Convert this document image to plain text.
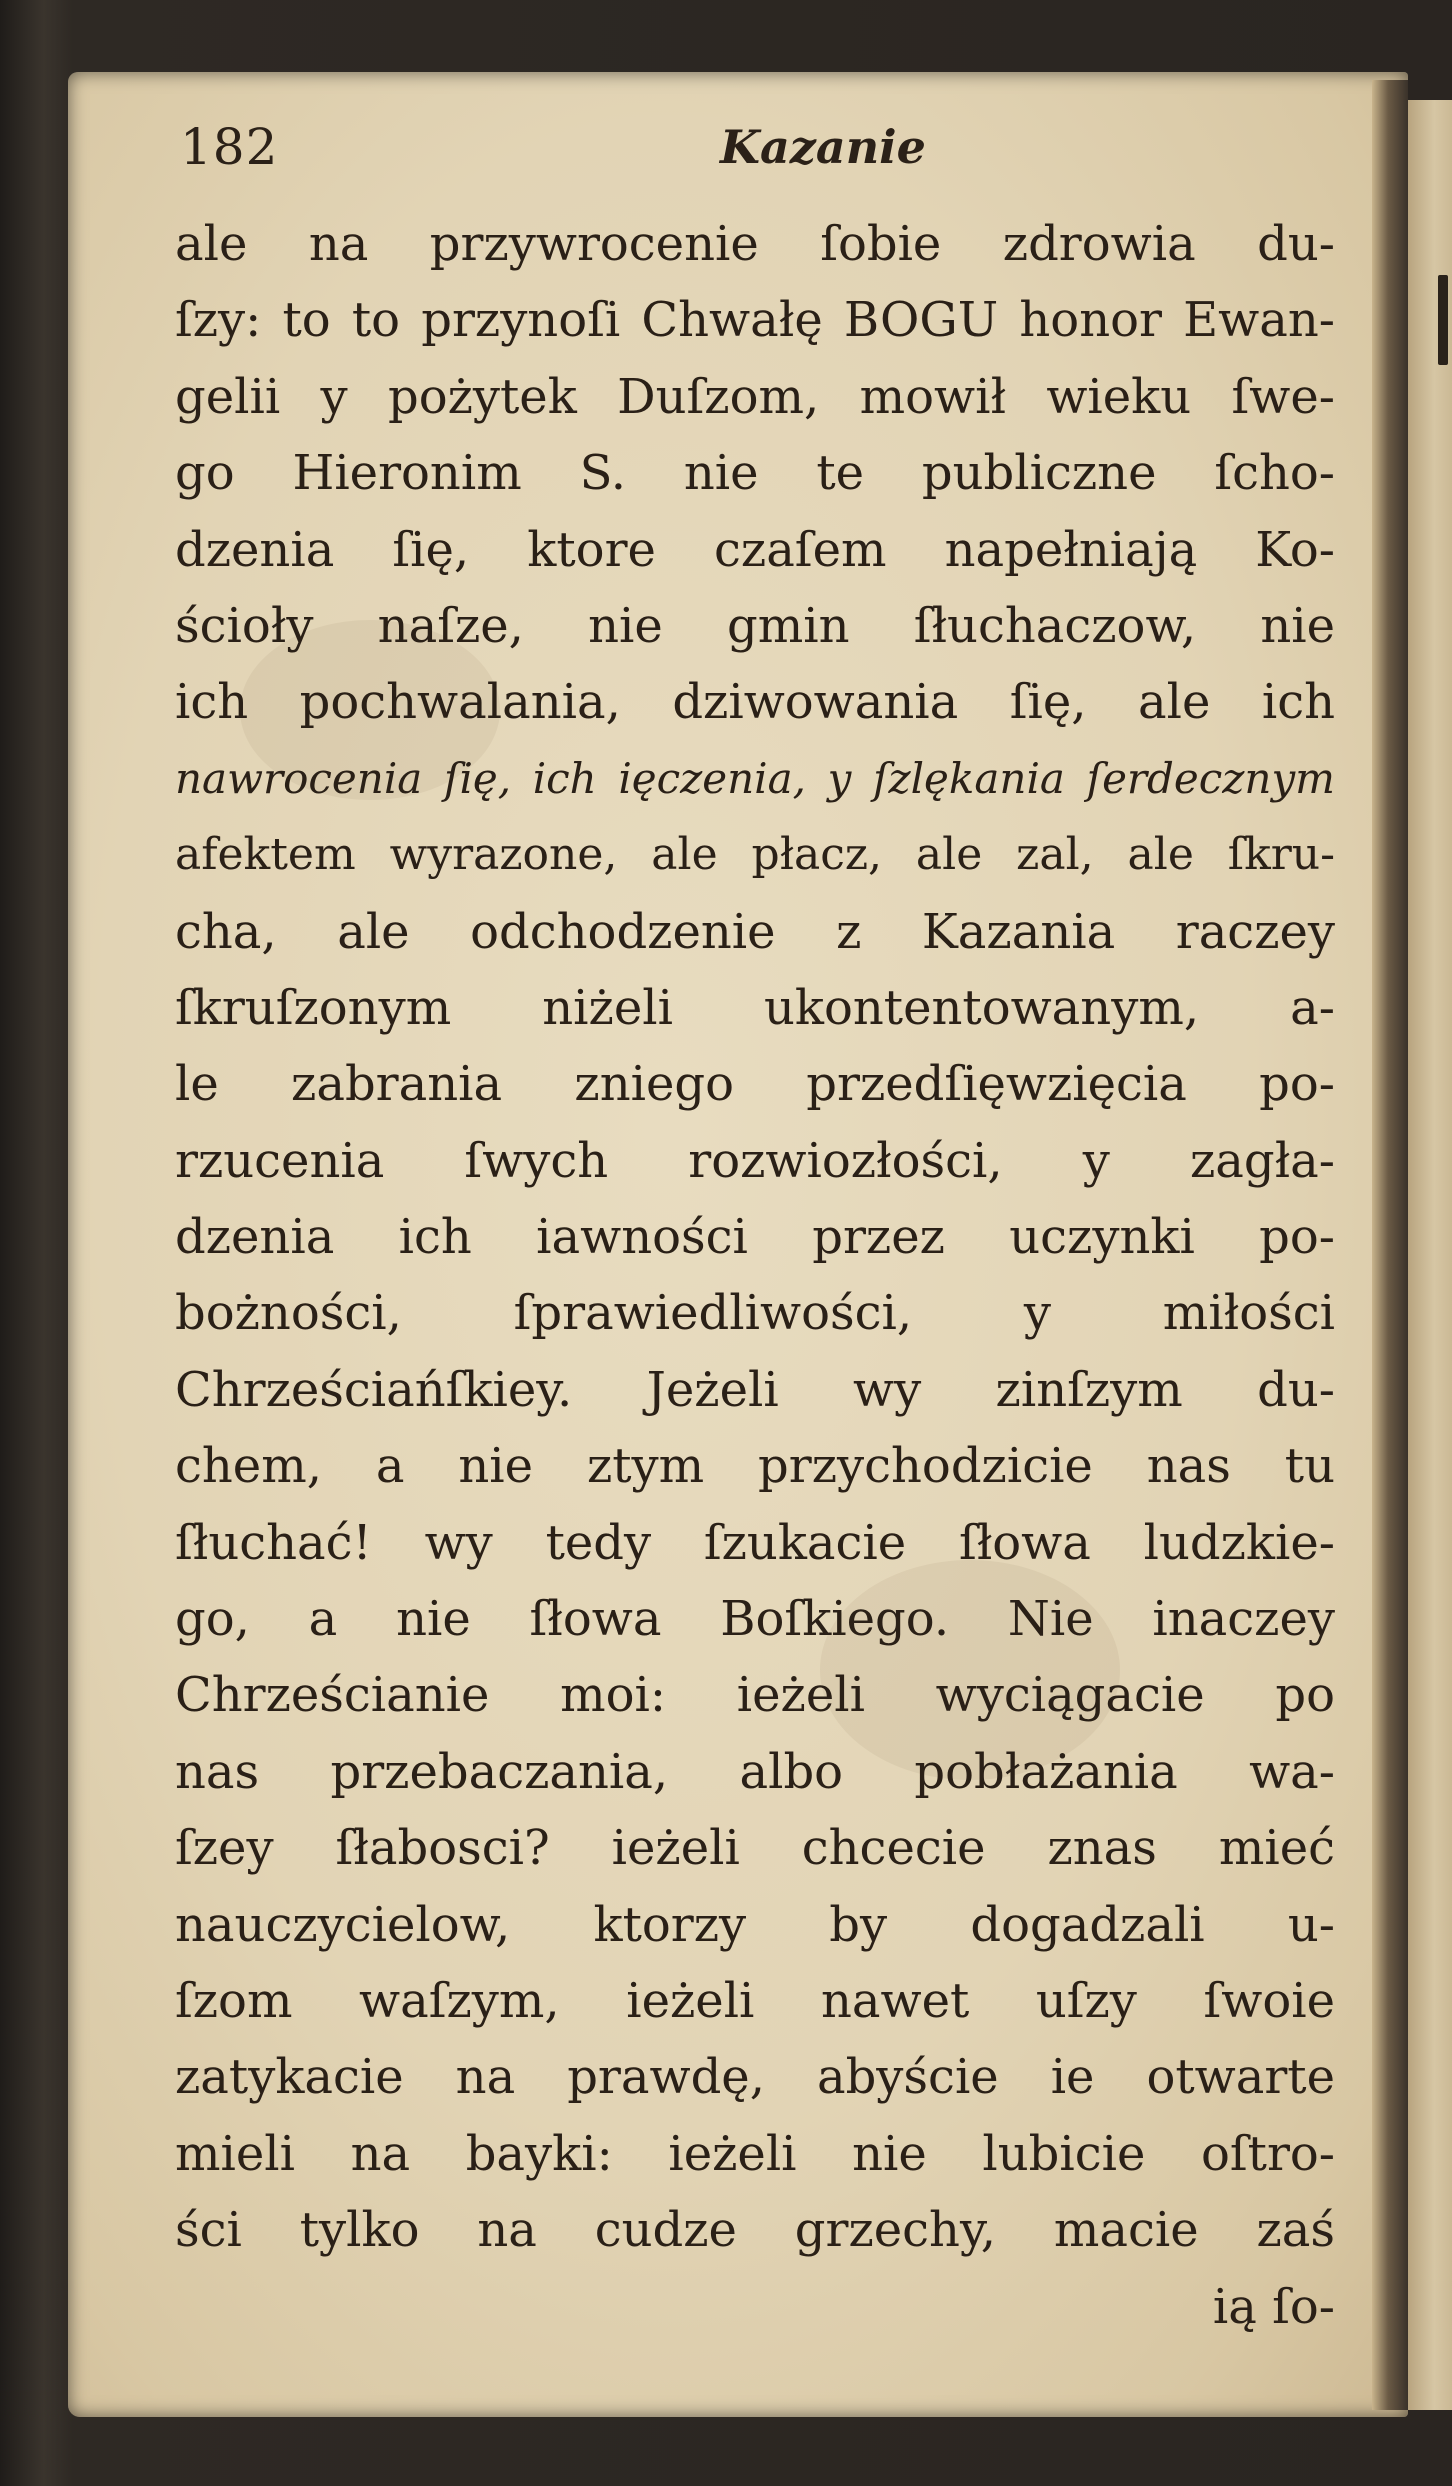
182	Kazanie
ale na przywrocenie ſobie zdrowia du-
ſzy: to to przynoſi Chwałę BOGU honor Ewan-
gelii y pożytek Duſzom, mowił wieku ſwe-
go Hieronim S. nie te publiczne ſcho-
dzenia ſię, ktore czaſem napełniają Ko-
ścioły naſze, nie gmin ſłuchaczow, nie
ich pochwalania, dziwowania ſię, ale ich
nawrocenia ſię, ich ięczenia, y ſzlękania ſerdecznym
afektem wyrazone, ale płacz, ale zal, ale ſkru-
cha, ale odchodzenie z Kazania raczey
ſkruſzonym niżeli ukontentowanym, a-
le zabrania zniego przedſięwzięcia po-
rzucenia ſwych rozwiozłości, y zagła-
dzenia ich iawności przez uczynki po-
bożności, ſprawiedliwości, y miłości
Chrześciańſkiey. Jeżeli wy zinſzym du-
chem, a nie ztym przychodzicie nas tu
ſłuchać! wy tedy ſzukacie ſłowa ludzkie-
go, a nie ſłowa Boſkiego. Nie inaczey
Chrześcianie moi: ieżeli wyciągacie po
nas przebaczania, albo pobłażania wa-
ſzey ſłabosci? ieżeli chcecie znas mieć
nauczycielow, ktorzy by dogadzali u-
ſzom waſzym, ieżeli nawet uſzy ſwoie
zatykacie na prawdę, abyście ie otwarte
mieli na bayki: ieżeli nie lubicie oſtro-
ści tylko na cudze grzechy, macie zaś
ią ſo-
